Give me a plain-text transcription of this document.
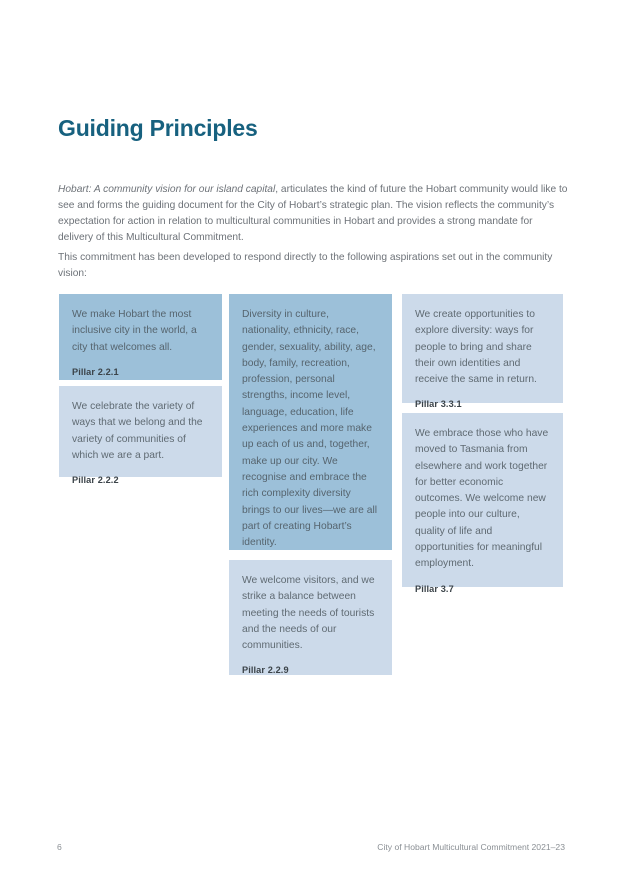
Guiding Principles

Hobart: A community vision for our island capital, articulates the kind of future the Hobart community would like to see and forms the guiding document for the City of Hobart’s strategic plan. The vision reflects the community’s expectation for action in relation to multicultural communities in Hobart and provides a strong mandate for delivery of this Multicultural Commitment.

This commitment has been developed to respond directly to the following aspirations set out in the community vision:

We make Hobart the most inclusive city in the world, a city that welcomes all.
Pillar 2.2.1
We celebrate the variety of ways that we belong and the variety of communities of which we are a part.
Pillar 2.2.2
Diversity in culture, nationality, ethnicity, race, gender, sexuality, ability, age, body, family, recreation, profession, personal strengths, income level, language, education, life experiences and more make up each of us and, together, make up our city. We recognise and embrace the rich complexity diversity brings to our lives—we are all part of creating Hobart’s identity.
We welcome visitors, and we strike a balance between meeting the needs of tourists and the needs of our communities.
Pillar 2.2.9
We create opportunities to explore diversity: ways for people to bring and share their own identities and receive the same in return.
Pillar 3.3.1
We embrace those who have moved to Tasmania from elsewhere and work together for better economic outcomes. We welcome new people into our culture, quality of life and opportunities for meaningful employment.
Pillar 3.7
6	City of Hobart Multicultural Commitment 2021–23
